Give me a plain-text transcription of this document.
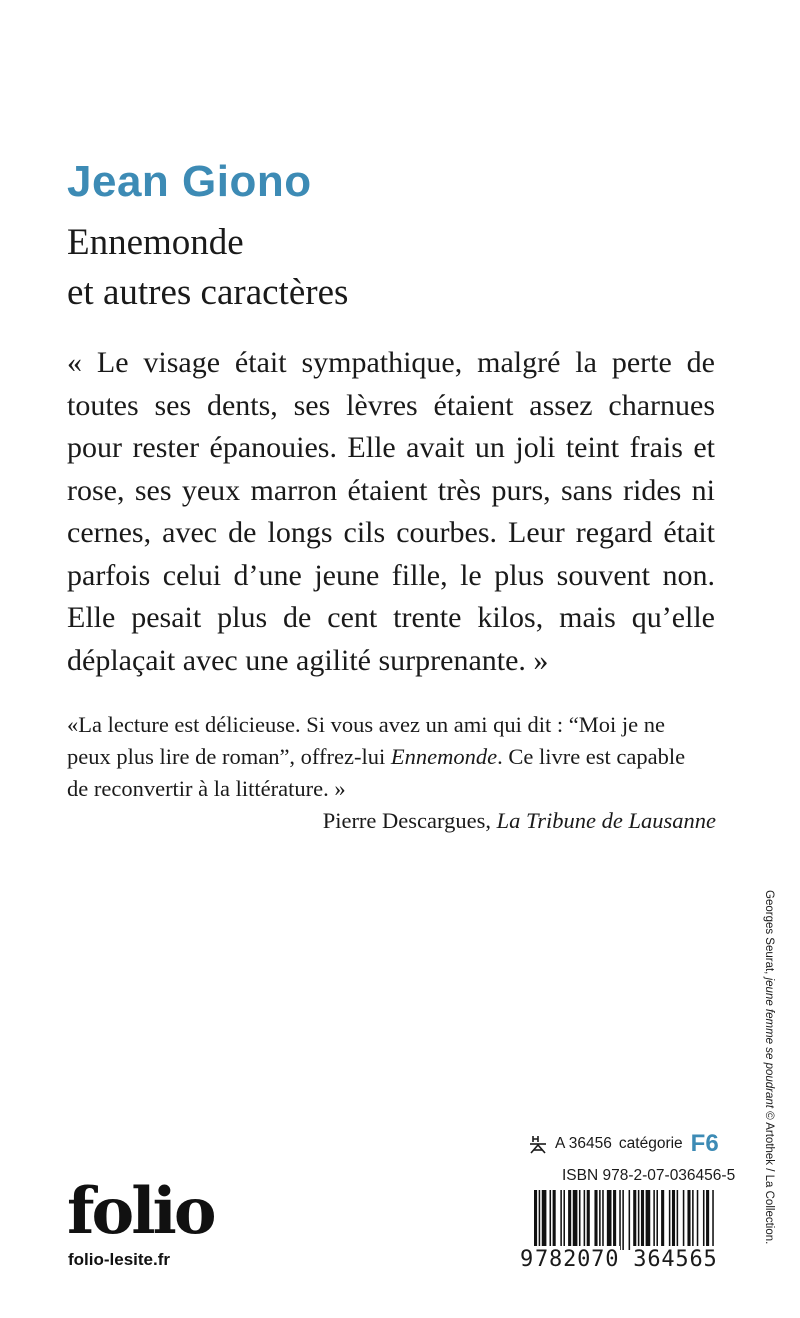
Jean Giono
Ennemonde
et autres caractères

« Le visage était sympathique, malgré la perte de toutes ses dents, ses lèvres étaient assez charnues pour rester épanouies. Elle avait un joli teint frais et rose, ses yeux marron étaient très purs, sans rides ni cernes, avec de longs cils courbes. Leur regard était parfois celui d’une jeune fille, le plus souvent non. Elle pesait plus de cent trente kilos, mais qu’elle déplaçait avec une agilité surprenante. »

«La lecture est délicieuse. Si vous avez un ami qui dit : “Moi je ne
peux plus lire de roman”, offrez-lui Ennemonde. Ce livre est capable
de reconvertir à la littérature. »

Pierre Descargues, La Tribune de Lausanne
Georges Seurat, jeune femme se poudrant © Artothek / La Collection.
folio
folio-lesite.fr
A 36456 catégorie F6
ISBN 978-2-07-036456-5
9782070 364565
